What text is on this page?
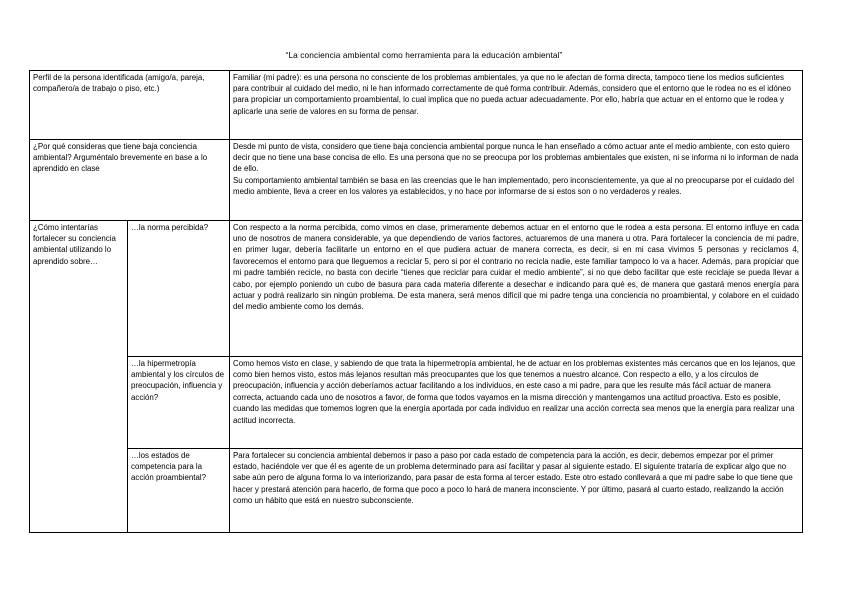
“La conciencia ambiental como herramienta para la educación ambiental”
Perfil de la persona identificada (amigo/a, pareja, compañero/a de trabajo o piso, etc.)		Familiar (mi padre): es una persona no consciente de los problemas ambientales, ya que no le afectan de forma directa, tampoco tiene los medios suficientes para contribuir al cuidado del medio, ni le han informado correctamente de qué forma contribuir. Además, considero que el entorno que le rodea no es el idóneo para propiciar un comportamiento proambiental, lo cual implica que no pueda actuar adecuadamente. Por ello, habría que actuar en el entorno que le rodea y aplicarle una serie de valores en su forma de pensar.

¿Por qué consideras que tiene baja conciencia ambiental? Arguméntalo brevemente en base a lo aprendido en clase		Desde mi punto de vista, considero que tiene baja conciencia ambiental porque nunca le han enseñado a cómo actuar ante el medio ambiente, con esto quiero decir que no tiene una base concisa de ello. Es una persona que no se preocupa por los problemas ambientales que existen, ni se informa ni lo informan de nada de ello.

Su comportamiento ambiental también se basa en las creencias que le han implementado, pero inconscientemente, ya que al no preocuparse por el cuidado del medio ambiente, lleva a creer en los valores ya establecidos, y no hace por informarse de si estos son o no verdaderos y reales.

¿Cómo intentarías fortalecer su conciencia ambiental utilizando lo aprendido sobre…	…la norma percibida?	Con respecto a la norma percibida, como vimos en clase, primeramente debemos actuar en el entorno que le rodea a esta persona. El entorno influye en cada uno de nosotros de manera considerable, ya que dependiendo de varios factores, actuaremos de una manera u otra. Para fortalecer la conciencia de mi padre, en primer lugar, debería facilitarle un entorno en el que pudiera actuar de manera correcta, es decir, si en mi casa vivimos 5 personas y reciclamos 4, favorecemos el entorno para que lleguemos a reciclar 5, pero si por el contrario no recicla nadie, este familiar tampoco lo va a hacer. Además, para propiciar que mi padre también recicle, no basta con decirle “tienes que reciclar para cuidar el medio ambiente”, si no que debo facilitar que este reciclaje se pueda llevar a cabo, por ejemplo poniendo un cubo de basura para cada materia diferente a desechar e indicando para qué es, de manera que gastará menos energía para actuar y podrá realizarlo sin ningún problema. De esta manera, será menos difícil que mi padre tenga una conciencia no proambiental, y colabore en el cuidado del medio ambiente como los demás.

	…la hipermetropía ambiental y los círculos de preocupación, influencia y acción?	Como hemos visto en clase, y sabiendo de que trata la hipermetropía ambiental, he de actuar en los problemas existentes más cercanos que en los lejanos, que como bien hemos visto, estos más lejanos resultan más preocupantes que los que tenemos a nuestro alcance. Con respecto a ello, y a los círculos de preocupación, influencia y acción deberíamos actuar facilitando a los individuos, en este caso a mi padre, para que les resulte más fácil actuar de manera correcta, actuando cada uno de nosotros a favor, de forma que todos vayamos en la misma dirección y mantengamos una actitud proactiva. Esto es posible, cuando las medidas que tomemos logren que la energía aportada por cada individuo en realizar una acción correcta sea menos que la energía para realizar una actitud incorrecta.

	…los estados de competencia para la acción proambiental?	Para fortalecer su conciencia ambiental debemos ir paso a paso por cada estado de competencia para la acción, es decir, debemos empezar por el primer estado, haciéndole ver que él es agente de un problema determinado para así facilitar y pasar al siguiente estado. El siguiente trataría de explicar algo que no sabe aún pero de alguna forma lo va interiorizando, para pasar de esta forma al tercer estado. Este otro estado conllevará a que mi padre sabe lo que tiene que hacer y prestará atención para hacerlo, de forma que poco a poco lo hará de manera inconsciente. Y por último, pasará al cuarto estado, realizando la acción como un hábito que está en nuestro subconsciente.
